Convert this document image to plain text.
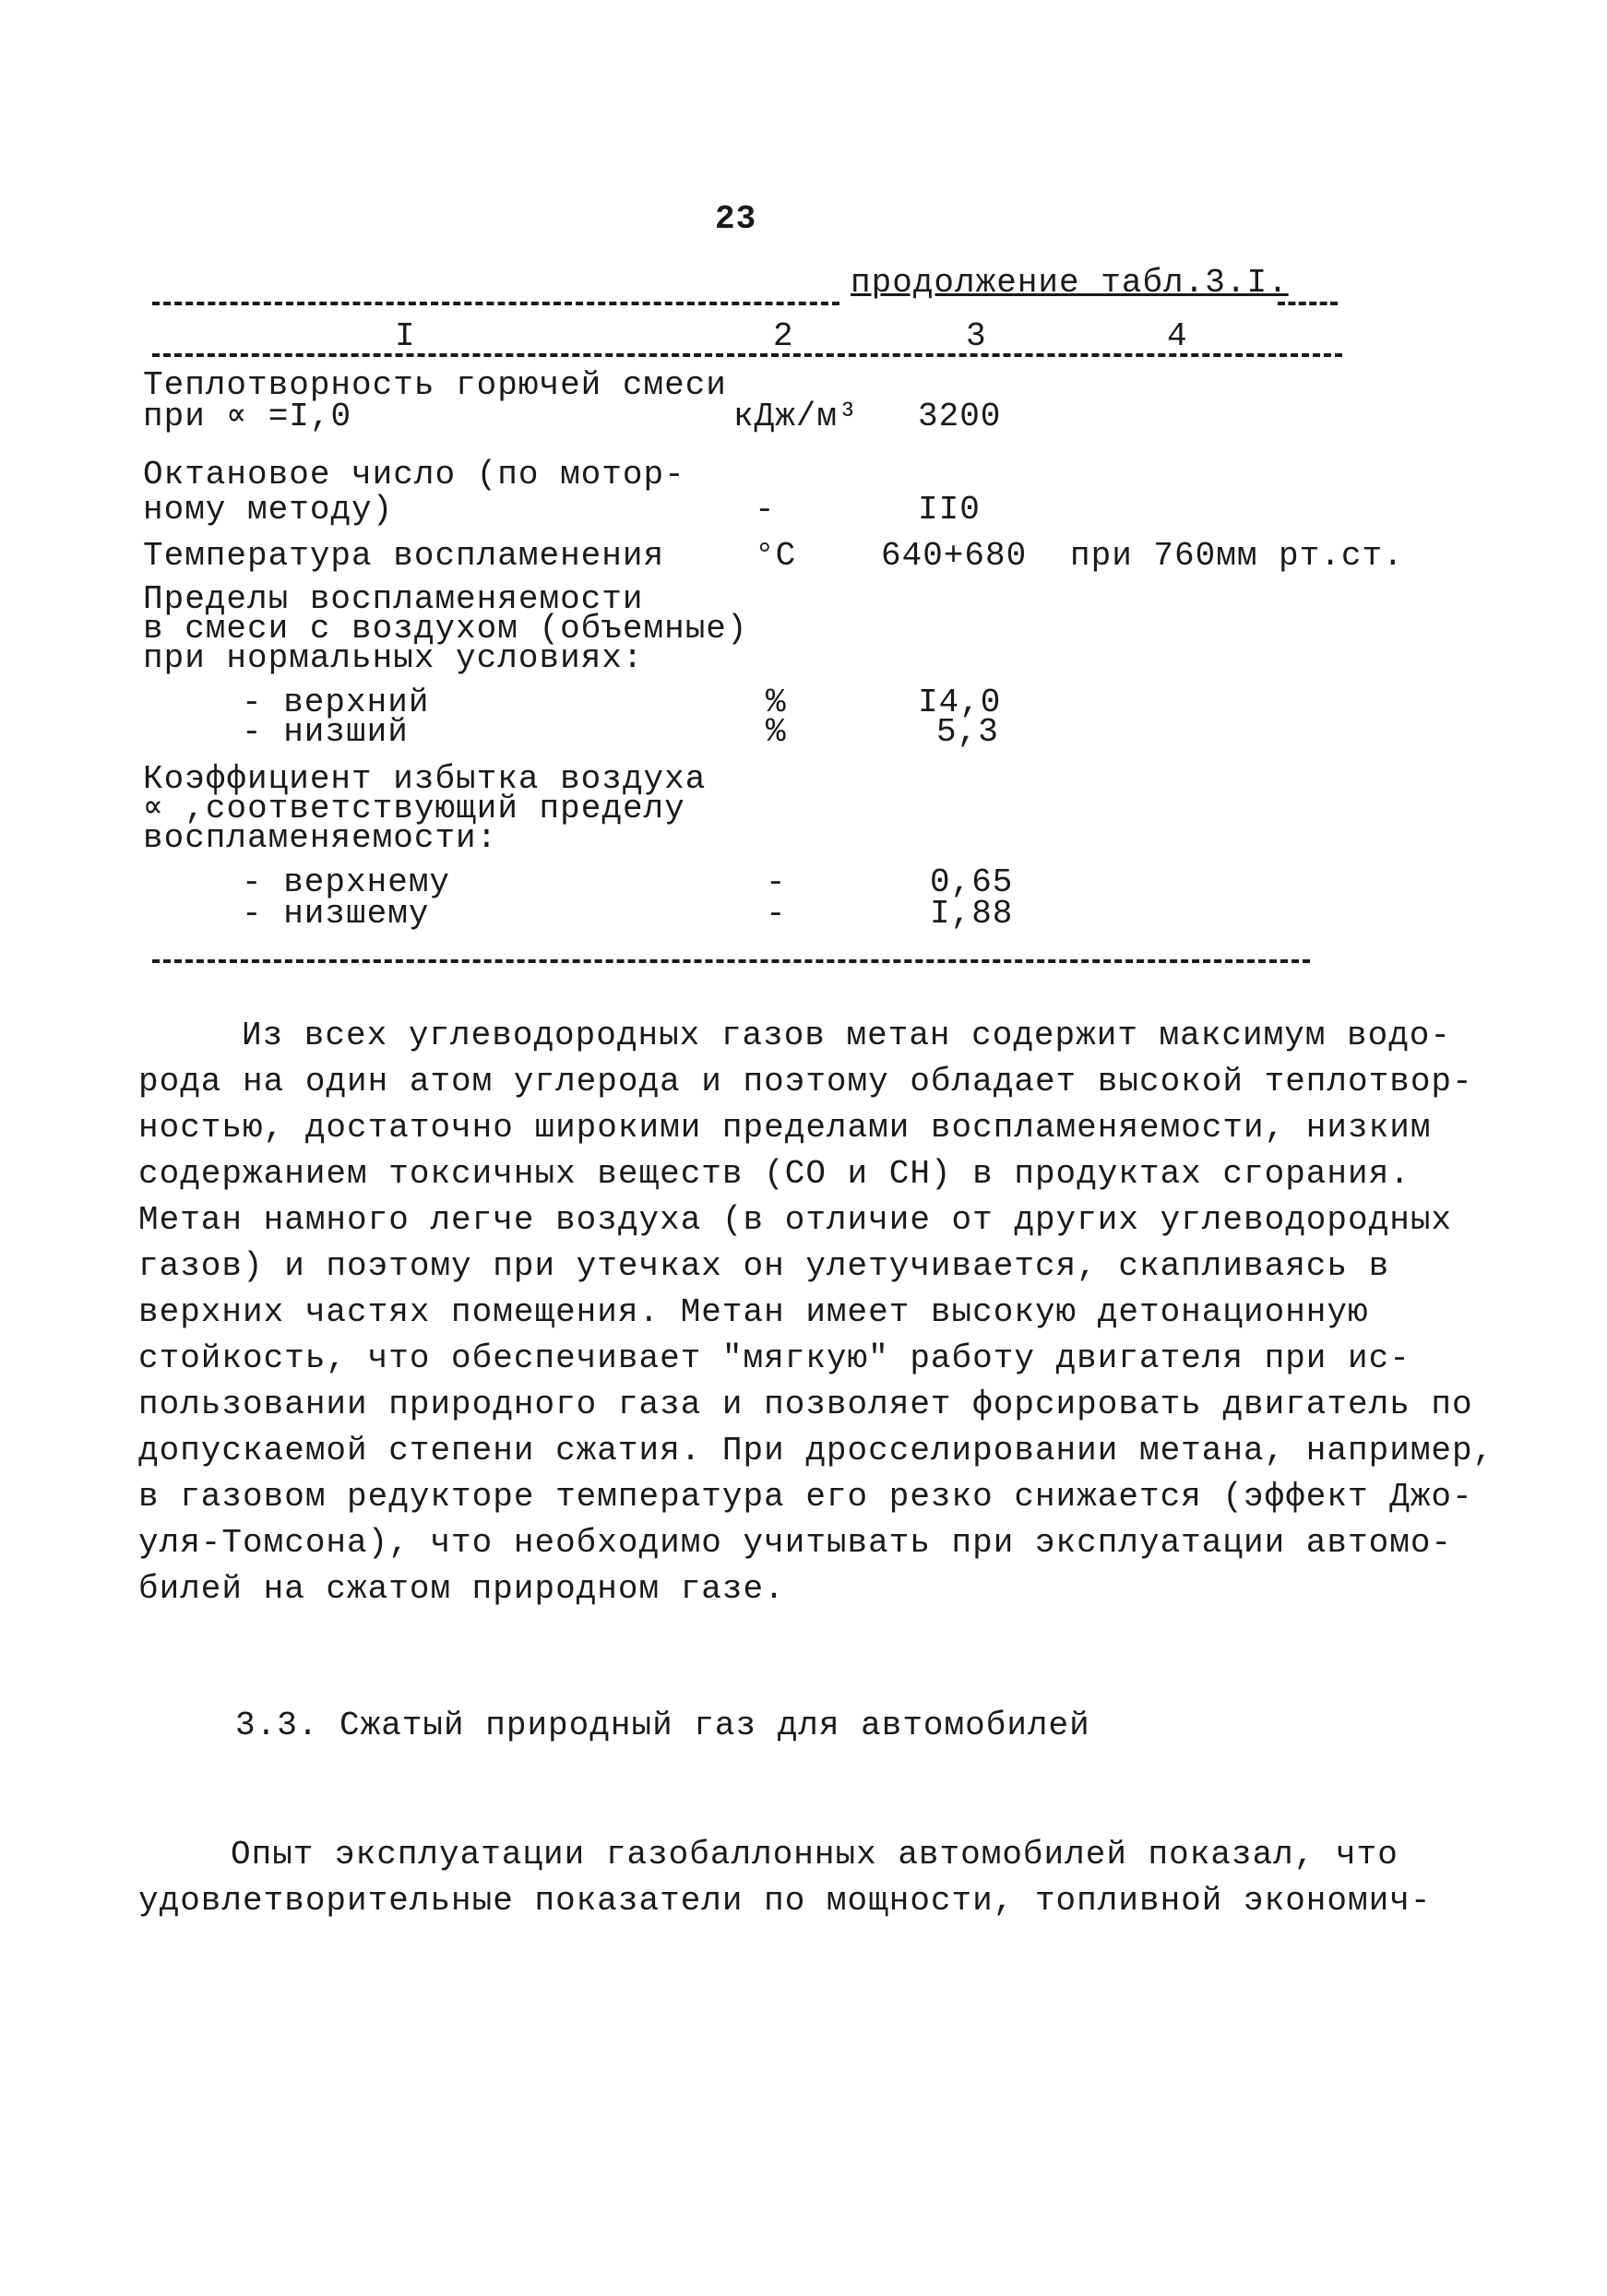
23
продолжение табл.3.I.
I	2	3	4
Теплотворность горючей смеси
при ∝ =I,0	кДж/м³ 3200
Октановое число (по мотор-
ному методу)	-	II0
Температура воспламенения	°С	640+680 при 760мм рт.ст.
Пределы воспламеняемости
в смеси с воздухом (объемные)
при нормальных условиях:
- верхний	%	I4,0
- низший	%	5,3
Коэффициент избытка воздуха
∝ ,соответствующий пределу
воспламеняемости:
- верхнему	-	0,65
- низшему	-	I,88
Из всех углеводородных газов метан содержит максимум водо-
рода на один атом углерода и поэтому обладает высокой теплотвор-
ностью, достаточно широкими пределами воспламеняемости, низким
содержанием токсичных веществ (СО и СН) в продуктах сгорания.
Метан намного легче воздуха (в отличие от других углеводородных
газов) и поэтому при утечках он улетучивается, скапливаясь в
верхних частях помещения. Метан имеет высокую детонационную
стойкость, что обеспечивает "мягкую" работу двигателя при ис-
пользовании природного газа и позволяет форсировать двигатель по
допускаемой степени сжатия. При дросселировании метана, например,
в газовом редукторе температура его резко снижается (эффект Джо-
уля-Томсона), что необходимо учитывать при эксплуатации автомо-
билей на сжатом природном газе.
3.3. Сжатый природный газ для автомобилей
Опыт эксплуатации газобаллонных автомобилей показал, что
удовлетворительные показатели по мощности, топливной экономич-
